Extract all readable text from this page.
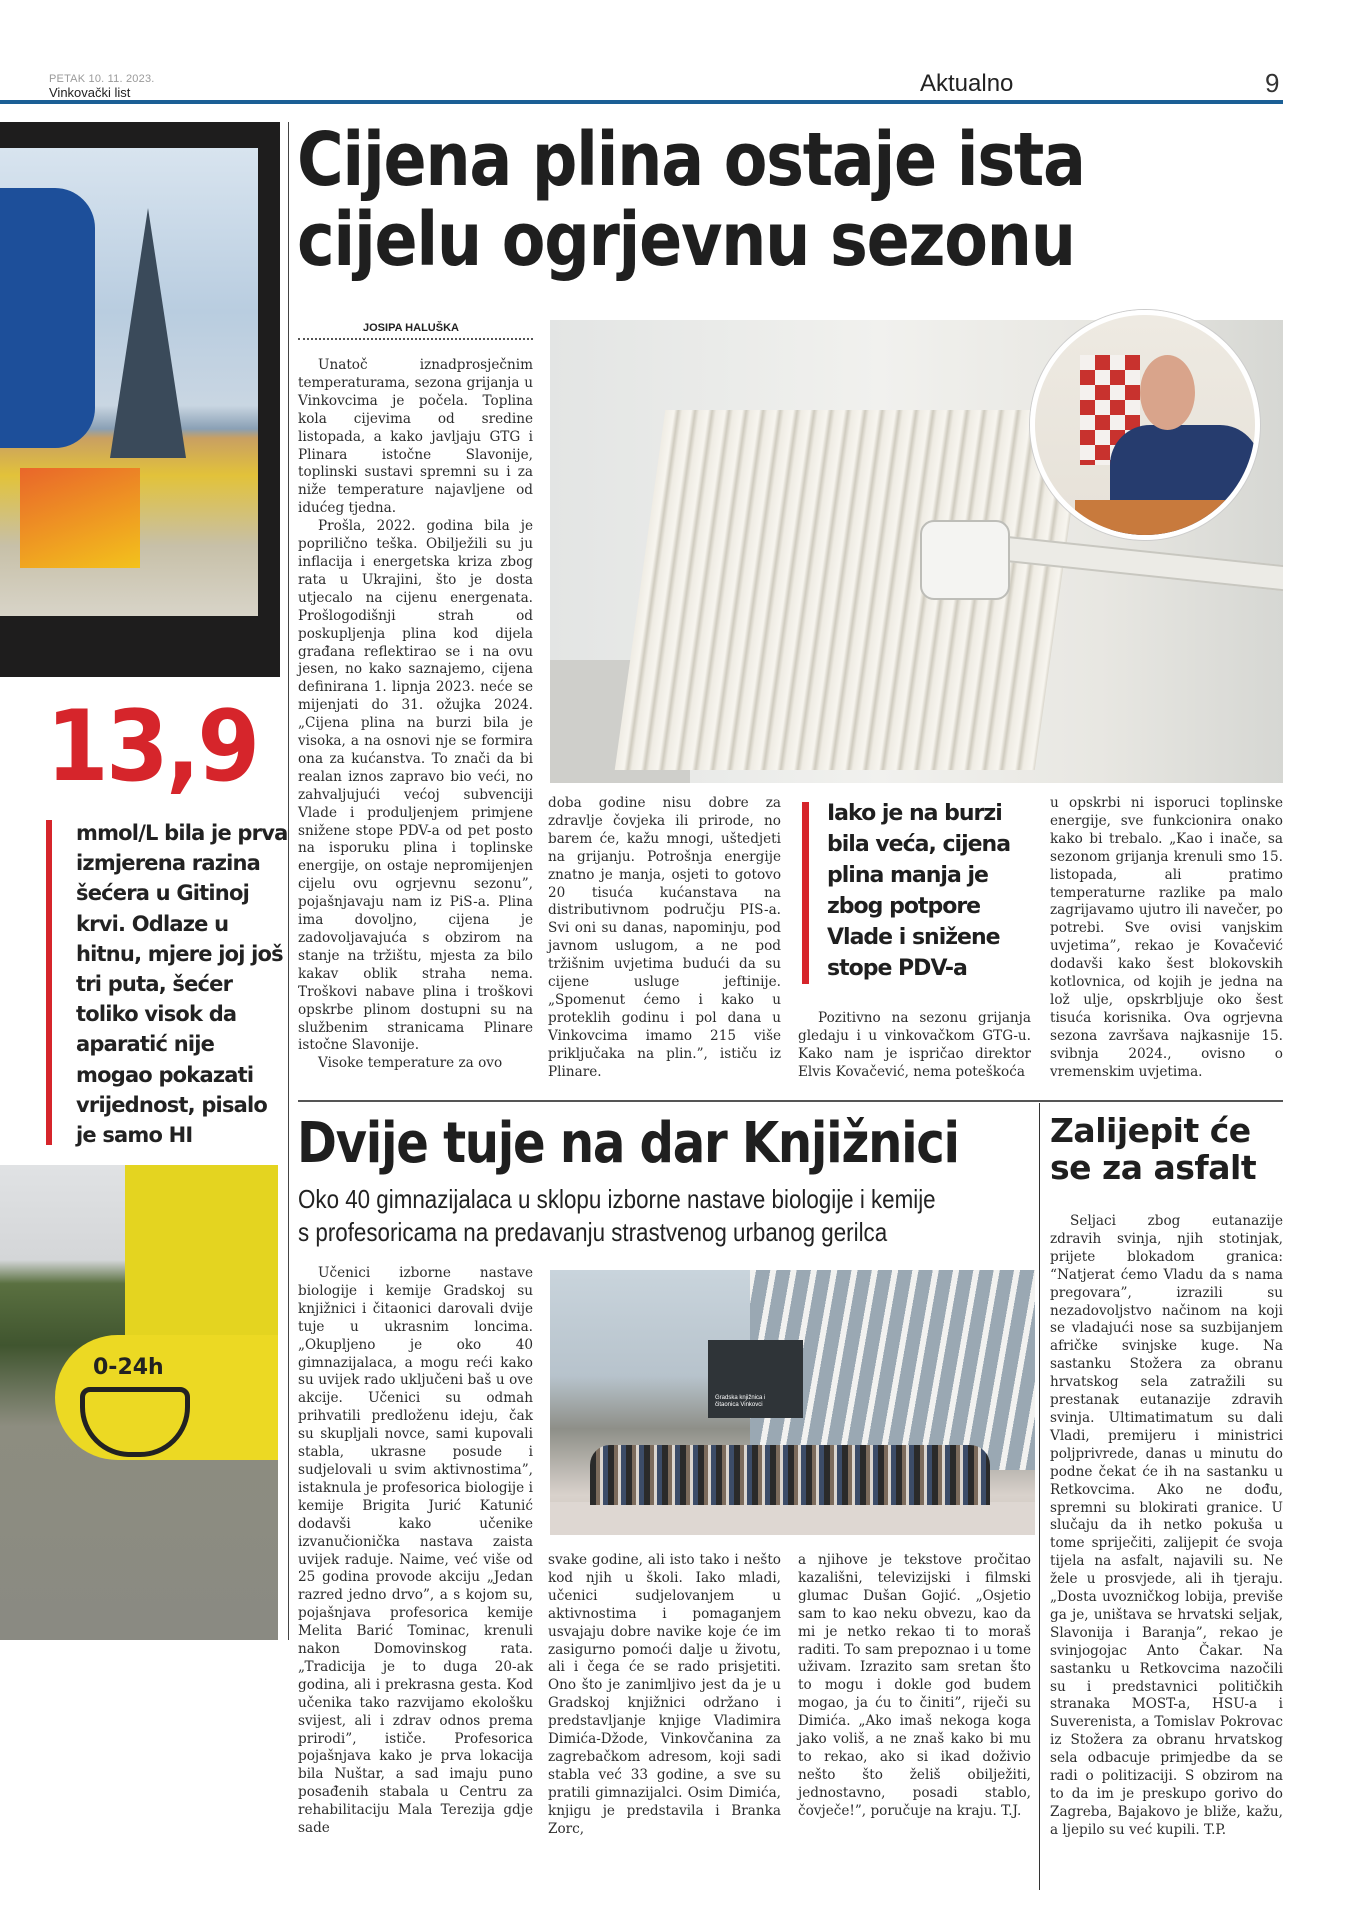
PETAK 10. 11. 2023.
Vinkovački list	Aktualno	9
13,9
mmol/L bila je prva izmjerena razina šećera u Gitinoj krvi. Odlaze u hitnu, mjere joj još tri puta, šećer toliko visok da aparatić nije mogao pokazati vrijednost, pisalo je samo HI
0-24h
Cijena plina ostaje ista
cijelu ogrjevnu sezonu
JOSIPA HALUŠKA

Unatoč iznadprosječnim temperaturama, sezona grijanja u Vinkovcima je počela. Toplina kola cijevima od sredine listopada, a kako javljaju GTG i Plinara istočne Slavonije, toplinski sustavi spremni su i za niže temperature najavljene od idućeg tjedna.

Prošla, 2022. godina bila je poprilično teška. Obilježili su ju inflacija i energetska kriza zbog rata u Ukrajini, što je dosta utjecalo na cijenu energenata. Prošlogodišnji strah od poskupljenja plina kod dijela građana reflektirao se i na ovu jesen, no kako saznajemo, cijena definirana 1. lipnja 2023. neće se mijenjati do 31. ožujka 2024. „Cijena plina na burzi bila je visoka, a na osnovi nje se formira ona za kućanstva. To znači da bi realan iznos zapravo bio veći, no zahvaljujući većoj subvenciji Vlade i produljenjem primjene snižene stope PDV-a od pet posto na isporuku plina i toplinske energije, on ostaje nepromijenjen cijelu ovu ogrjevnu sezonu”, pojašnjavaju nam iz PiS-a. Plina ima dovoljno, cijena je zadovoljavajuća s obzirom na stanje na tržištu, mjesta za bilo kakav oblik straha nema. Troškovi nabave plina i troškovi opskrbe plinom dostupni su na službenim stranicama Plinare istočne Slavonije.

Visoke temperature za ovo

doba godine nisu dobre za zdravlje čovjeka ili prirode, no barem će, kažu mnogi, uštedjeti na grijanju. Potrošnja energije znatno je manja, osjeti to gotovo 20 tisuća kućanstava na distributivnom području PIS-a. Svi oni su danas, napominju, pod javnom uslugom, a ne pod tržišnim uvjetima budući da su cijene usluge jeftinije. „Spomenut ćemo i kako u proteklih godinu i pol dana u Vinkovcima imamo 215 više priključaka na plin.”, ističu iz Plinare.

Iako je na burzi bila veća, cijena plina manja je zbog potpore Vlade i snižene stope PDV-a

Pozitivno na sezonu grijanja gledaju i u vinkovačkom GTG-u. Kako nam je ispričao direktor Elvis Kovačević, nema poteškoća

u opskrbi ni isporuci toplinske energije, sve funkcionira onako kako bi trebalo. „Kao i inače, sa sezonom grijanja krenuli smo 15. listopada, ali pratimo temperaturne razlike pa malo zagrijavamo ujutro ili navečer, po potrebi. Sve ovisi vanjskim uvjetima”, rekao je Kovačević dodavši kako šest blokovskih kotlovnica, od kojih je jedna na lož ulje, opskrbljuje oko šest tisuća korisnika. Ova ogrjevna sezona završava najkasnije 15. svibnja 2024., ovisno o vremenskim uvjetima.

Dvije tuje na dar Knjižnici
Oko 40 gimnazijalaca u sklopu izborne nastave biologije i kemije
s profesoricama na predavanju strastvenog urbanog gerilca

Učenici izborne nastave biologije i kemije Gradskoj su knjižnici i čitaonici darovali dvije tuje u ukrasnim loncima. „Okupljeno je oko 40 gimnazijalaca, a mogu reći kako su uvijek rado uključeni baš u ove akcije. Učenici su odmah prihvatili predloženu ideju, čak su skupljali novce, sami kupovali stabla, ukrasne posude i sudjelovali u svim aktivnostima”, istaknula je profesorica biologije i kemije Brigita Jurić Katunić dodavši kako učenike izvanučionička nastava zaista uvijek raduje. Naime, već više od 25 godina provode akciju „Jedan razred jedno drvo”, a s kojom su, pojašnjava profesorica kemije Melita Barić Tominac, krenuli nakon Domovinskog rata.„Tradicija je to duga 20-ak godina, ali i prekrasna gesta. Kod učenika tako razvijamo ekološku svijest, ali i zdrav odnos prema prirodi”, ističe. Profesorica pojašnjava kako je prva lokacija bila Nuštar, a sad imaju puno posađenih stabala u Centru za rehabilitaciju Mala Terezija gdje sade

Gradska knjižnica i
čitaonica Vinkovci

svake godine, ali isto tako i nešto kod njih u školi. Iako mladi, učenici sudjelovanjem u aktivnostima i pomaganjem usvajaju dobre navike koje će im zasigurno pomoći dalje u životu, ali i čega će se rado prisjetiti. Ono što je zanimljivo jest da je u Gradskoj knjižnici održano i predstavljanje knjige Vladimira Dimića-Džode, Vinkovčanina za zagrebačkom adresom, koji sadi stabla već 33 godine, a sve su pratili gimnazijalci. Osim Dimića, knjigu je predstavila i Branka Zorc,

a njihove je tekstove pročitao kazališni, televizijski i filmski glumac Dušan Gojić. „Osjetio sam to kao neku obvezu, kao da mi je netko rekao ti to moraš raditi. To sam prepoznao i u tome uživam. Izrazito sam sretan što to mogu i dokle god budem mogao, ja ću to činiti”, riječi su Dimića. „Ako imaš nekoga koga jako voliš, a ne znaš kako bi mu to rekao, ako si ikad doživio nešto što želiš obilježiti, jednostavno, posadi stablo, čovječe!”, poručuje na kraju. T.J.

Zalijepit će
se za asfalt

Seljaci zbog eutanazije zdravih svinja, njih stotinjak, prijete blokadom granica: “Natjerat ćemo Vladu da s nama pregovara”, izrazili su nezadovoljstvo načinom na koji se vladajući nose sa suzbijanjem afričke svinjske kuge. Na sastanku Stožera za obranu hrvatskog sela zatražili su prestanak eutanazije zdravih svinja. Ultimatimatum su dali Vladi, premijeru i ministrici poljprivrede, danas u minutu do podne čekat će ih na sastanku u Retkovcima. Ako ne dođu, spremni su blokirati granice. U slučaju da ih netko pokuša u tome spriječiti, zalijepit će svoja tijela na asfalt, najavili su. Ne žele u prosvjede, ali ih tjeraju. „Dosta uvozničkog lobija, previše ga je, uništava se hrvatski seljak, Slavonija i Baranja”, rekao je svinjogojac Anto Čakar. Na sastanku u Retkovcima nazočili su i predstavnici političkih stranaka MOST-a, HSU-a i Suverenista, a Tomislav Pokrovac iz Stožera za obranu hrvatskog sela odbacuje primjedbe da se radi o politizaciji. S obzirom na to da im je preskupo gorivo do Zagreba, Bajakovo je bliže, kažu, a ljepilo su već kupili. T.P.
